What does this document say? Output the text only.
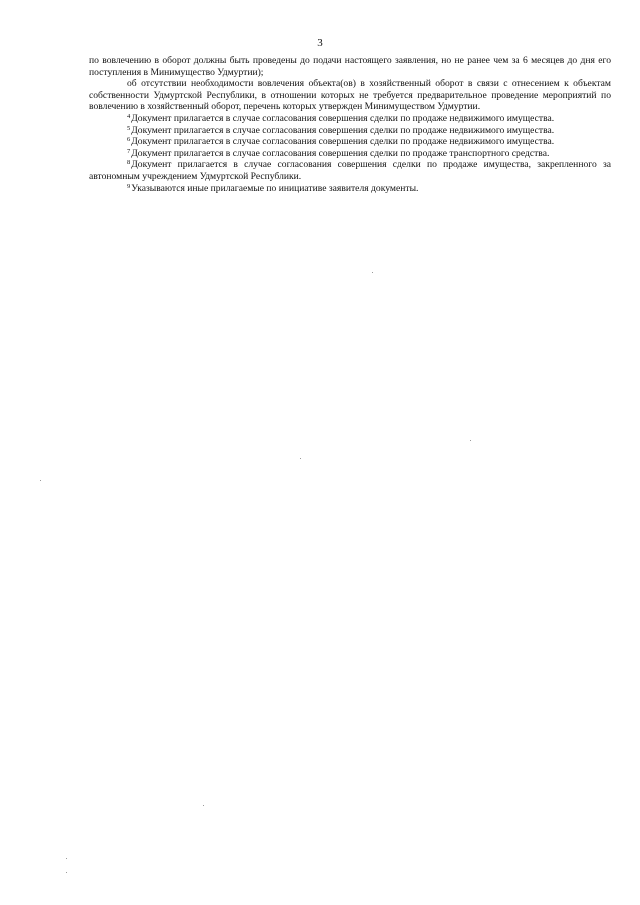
3

по вовлечению в оборот должны быть проведены до подачи настоящего заявления, но не ранее чем за 6 месяцев до дня его поступления в Минимущество Удмуртии);

об отсутствии необходимости вовлечения объекта(ов) в хозяйственный оборот в связи с отнесением к объектам собственности Удмуртской Республики, в отношении которых не требуется предварительное проведение мероприятий по вовлечению в хозяйственный оборот, перечень которых утвержден Минимуществом Удмуртии.

$^4$Документ прилагается в случае согласования совершения сделки по продаже недвижимого имущества.

$^5$Документ прилагается в случае согласования совершения сделки по продаже недвижимого имущества.

$^6$Документ прилагается в случае согласования совершения сделки по продаже недвижимого имущества.

$^7$Документ прилагается в случае согласования совершения сделки по продаже транспортного средства.

$^8$Документ прилагается в случае согласования совершения сделки по продаже имущества, закрепленного за автономным учреждением Удмуртской Республики.

$^9$Указываются иные прилагаемые по инициативе заявителя документы.
